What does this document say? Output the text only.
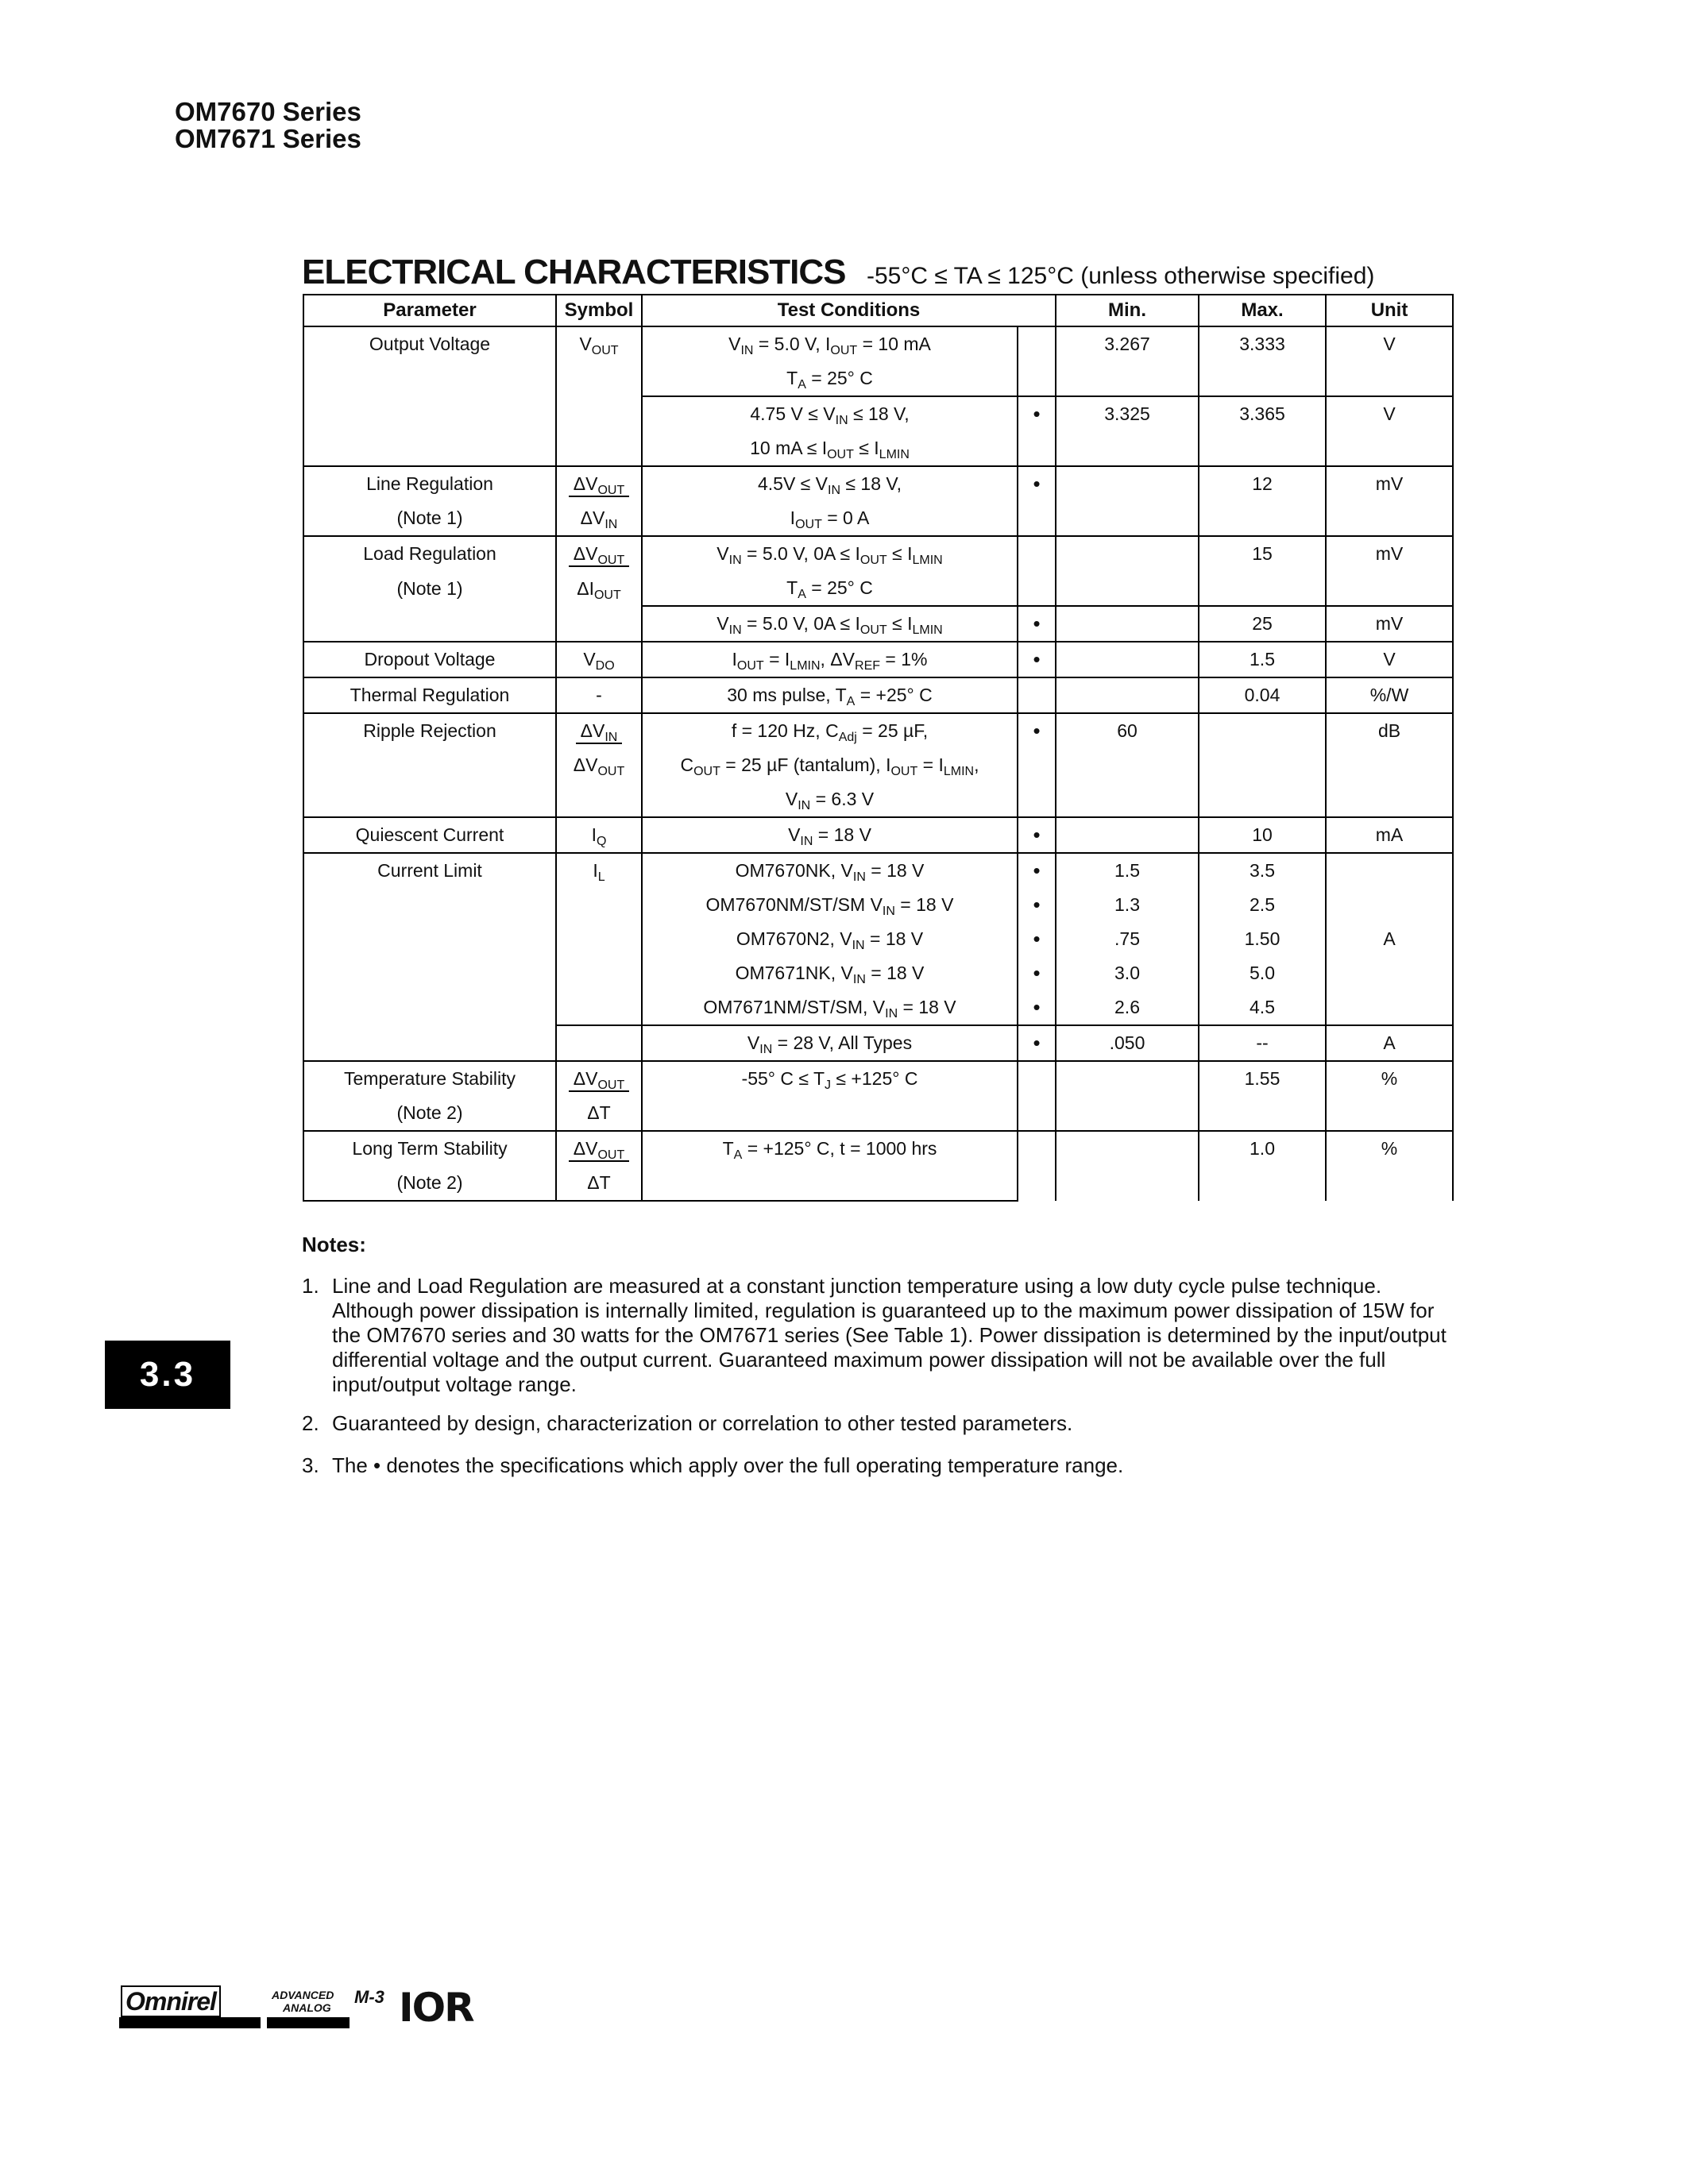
OM7670 Series
OM7671 Series
ELECTRICAL CHARACTERISTICS -55°C ≤ TA ≤ 125°C (unless otherwise specified)
Parameter	Symbol	Test Conditions		Min.	Max.	Unit
Output Voltage	$V_{OUT}$	$V_{IN} = 5.0$ V, $I_{OUT} = 10$ mA		3.267	3.333	V
		$T_A = 25^\circ$ C				
		4.75 $V \le V_{IN} \le 18$ V,	•	3.325	3.365	V
		10 mA ≤ $I_{OUT} \le I_{LMIN}$
Line Regulation	$\Delta V_{OUT}$	$4.5V \le V_{IN} \le 18$ V,	•		12	mV
(Note 1)	$\Delta V_{IN}$	$I_{OUT} = 0$ A				
Load Regulation	$\Delta V_{OUT}$	$V_{IN} = 5.0$ V, $0A \le I_{OUT} \le I_{LMIN}$			15	mV
(Note 1)	$\Delta I_{OUT}$	$T_A = 25^\circ$ C				
		$V_{IN} = 5.0$ V, $0A \le I_{OUT} \le I_{LMIN}$	•		25	mV
Dropout Voltage	$V_{DO}$	$I_{OUT} = I_{LMIN}$, $\Delta V_{REF} = 1\%$	•		1.5	V
Thermal Regulation	-	30 ms pulse, $T_A = +25^\circ$ C			0.04	%/W
Ripple Rejection	$\Delta V_{IN}$	f = 120 Hz, $C_{Adj} = 25$ µF,	•	60		dB
	$\Delta V_{OUT}$	$C_{OUT} = 25$ µF (tantalum), $I_{OUT} = I_{LMIN}$,				
		$V_{IN} = 6.3$ V				
Quiescent Current	$I_Q$	$V_{IN} = 18$ V	•		10	mA
Current Limit	$I_L$	OM7670NK, $V_{IN} = 18$ V	•	1.5	3.5	A
		OM7670NM/ST/SM $V_{IN} = 18$ V	•	1.3	2.5	
		OM7670N2, $V_{IN} = 18$ V	•	.75	1.50	
		OM7671NK, $V_{IN} = 18$ V	•	3.0	5.0	
		OM7671NM/ST/SM, $V_{IN} = 18$ V	•	2.6	4.5	
		$V_{IN} = 28$ V, All Types	•	.050	--	A
Temperature Stability	$\Delta V_{OUT}$	-55° $C \le T_J \le +125^\circ$ C			1.55	%
(Note 2)	ΔT					
Long Term Stability	$\Delta V_{OUT}$	$T_A = +125^\circ$ C, t = 1000 hrs			1.0	%
(Note 2)	ΔT					
Notes:
1. Line and Load Regulation are measured at a constant junction temperature using a low duty cycle pulse technique. Although power dissipation is internally limited, regulation is guaranteed up to the maximum power dissipation of 15W for the OM7670 series and 30 watts for the OM7671 series (See Table 1). Power dissipation is determined by the input/output differential voltage and the output current. Guaranteed maximum power dissipation will not be available over the full input/output voltage range.
2. Guaranteed by design, characterization or correlation to other tested parameters.
3. The • denotes the specifications which apply over the full operating temperature range.
3.3
Omnirel	ADVANCED
ANALOG
M-3 IOR
